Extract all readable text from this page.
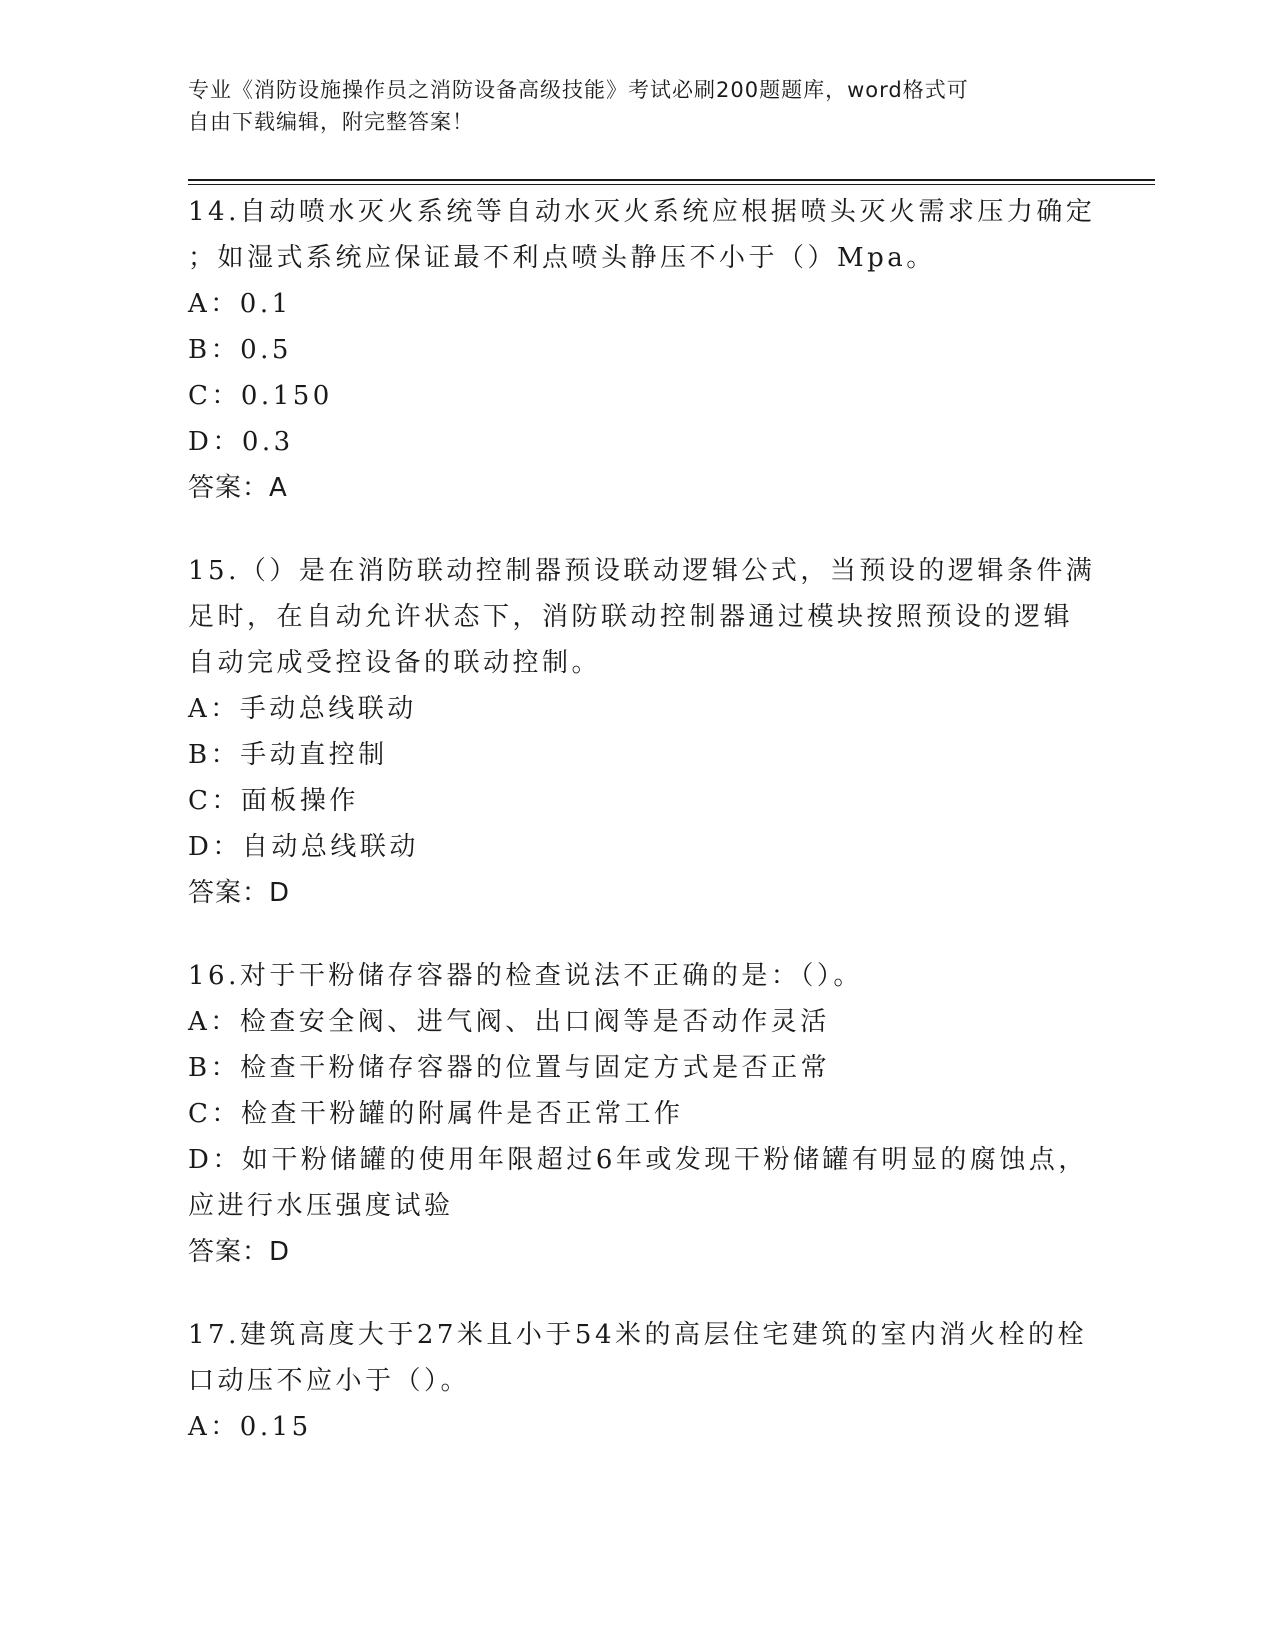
专业《消防设施操作员之消防设备高级技能》考试必刷200题题库，word格式可
自由下载编辑，附完整答案！
14.自动喷水灭火系统等自动水灭火系统应根据喷头灭火需求压力确定
；如湿式系统应保证最不利点喷头静压不小于（）Mpa。
A：0.1
B：0.5
C：0.150
D：0.3
答案：A
15.（）是在消防联动控制器预设联动逻辑公式，当预设的逻辑条件满
足时，在自动允许状态下，消防联动控制器通过模块按照预设的逻辑
自动完成受控设备的联动控制。
A：手动总线联动
B：手动直控制
C：面板操作
D：自动总线联动
答案：D
16.对于干粉储存容器的检查说法不正确的是：（）。
A：检查安全阀、进气阀、出口阀等是否动作灵活
B：检查干粉储存容器的位置与固定方式是否正常
C：检查干粉罐的附属件是否正常工作
D：如干粉储罐的使用年限超过6年或发现干粉储罐有明显的腐蚀点，
应进行水压强度试验
答案：D
17.建筑高度大于27米且小于54米的高层住宅建筑的室内消火栓的栓
口动压不应小于（）。
A：0.15
